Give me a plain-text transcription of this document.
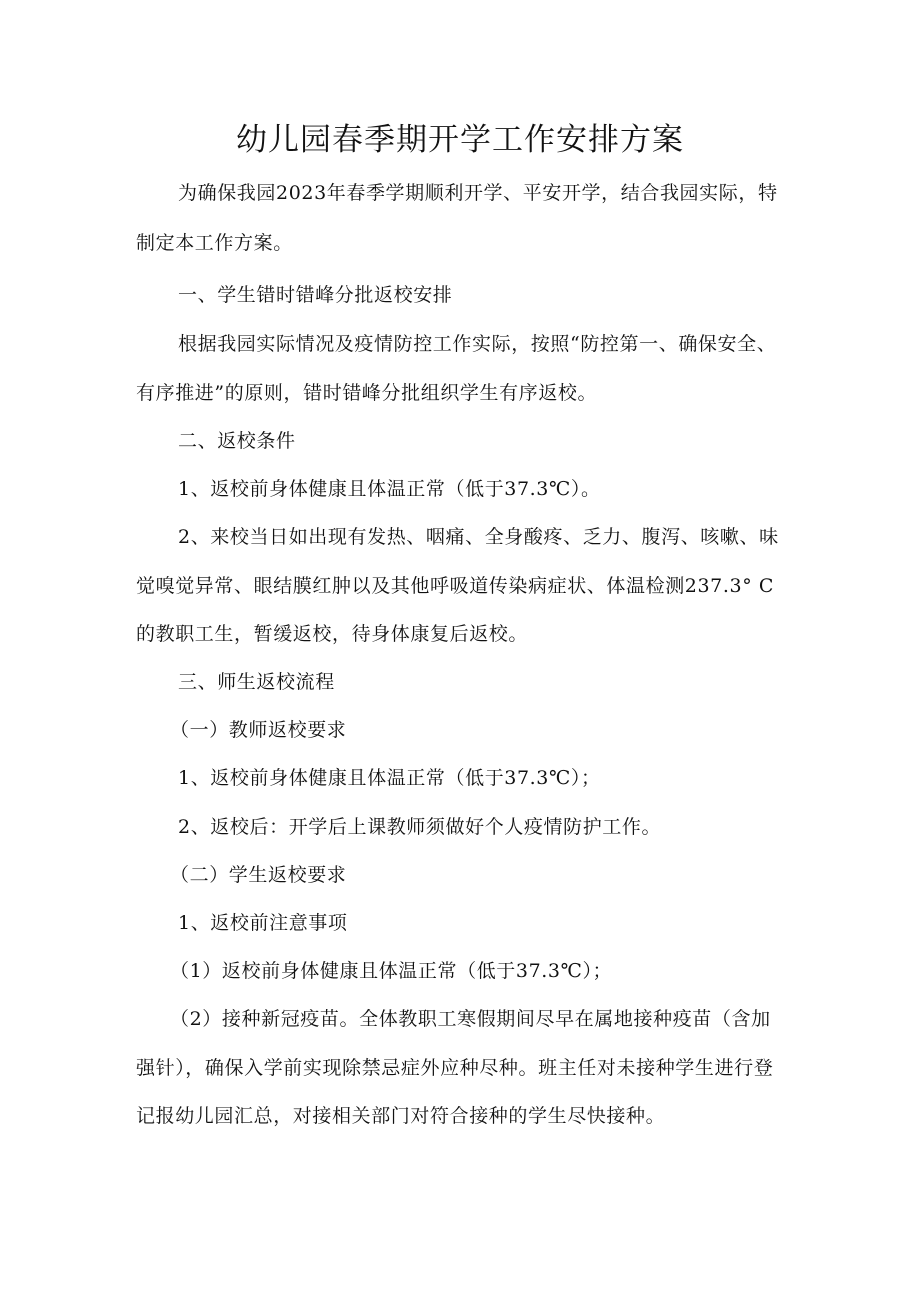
幼儿园春季期开学工作安排方案
为确保我园2023年春季学期顺利开学、平安开学，结合我园实际，特
制定本工作方案。
一、学生错时错峰分批返校安排
根据我园实际情况及疫情防控工作实际，按照“防控第一、确保安全、
有序推进”的原则，错时错峰分批组织学生有序返校。
二、返校条件
1、返校前身体健康且体温正常（低于37.3℃）。
2、来校当日如出现有发热、咽痛、全身酸疼、乏力、腹泻、咳嗽、味
觉嗅觉异常、眼结膜红肿以及其他呼吸道传染病症状、体温检测237.3° C
的教职工生，暂缓返校，待身体康复后返校。
三、师生返校流程
（一）教师返校要求
1、返校前身体健康且体温正常（低于37.3℃）；
2、返校后：开学后上课教师须做好个人疫情防护工作。
（二）学生返校要求
1、返校前注意事项
（1）返校前身体健康且体温正常（低于37.3℃）；
（2）接种新冠疫苗。全体教职工寒假期间尽早在属地接种疫苗（含加
强针），确保入学前实现除禁忌症外应种尽种。班主任对未接种学生进行登
记报幼儿园汇总，对接相关部门对符合接种的学生尽快接种。
